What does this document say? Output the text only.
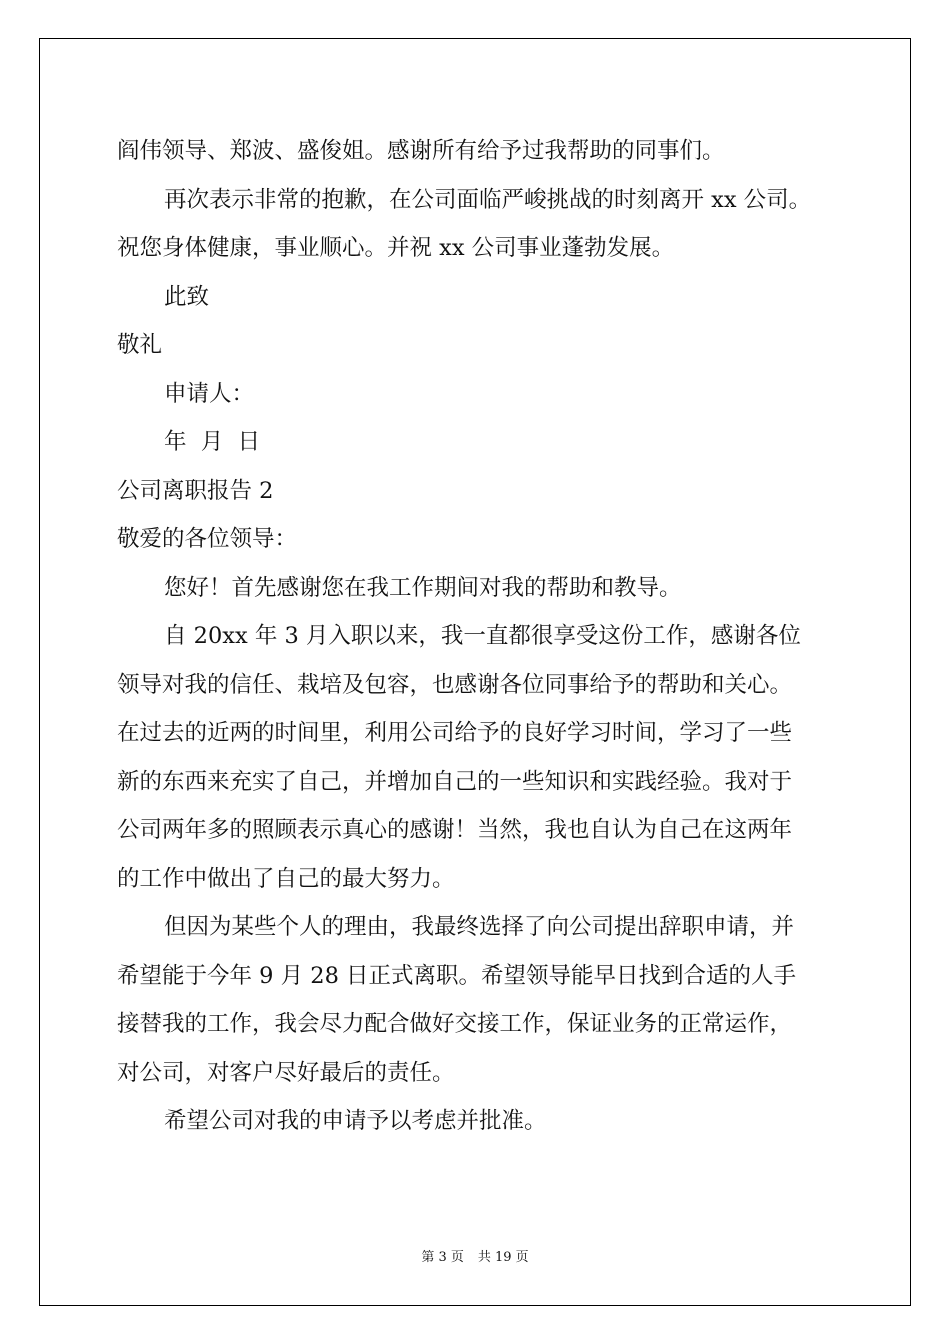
阎伟领导、郑波、盛俊姐。感谢所有给予过我帮助的同事们。

再次表示非常的抱歉，在公司面临严峻挑战的时刻离开 xx 公司。

祝您身体健康，事业顺心。并祝 xx 公司事业蓬勃发展。

此致

敬礼

申请人：

年  月  日

公司离职报告 2

敬爱的各位领导：

您好！首先感谢您在我工作期间对我的帮助和教导。

自 20xx 年 3 月入职以来，我一直都很享受这份工作，感谢各位

领导对我的信任、栽培及包容，也感谢各位同事给予的帮助和关心。

在过去的近两的时间里，利用公司给予的良好学习时间，学习了一些

新的东西来充实了自己，并增加自己的一些知识和实践经验。我对于

公司两年多的照顾表示真心的感谢！当然，我也自认为自己在这两年

的工作中做出了自己的最大努力。

但因为某些个人的理由，我最终选择了向公司提出辞职申请，并

希望能于今年 9 月 28 日正式离职。希望领导能早日找到合适的人手

接替我的工作，我会尽力配合做好交接工作，保证业务的正常运作，

对公司，对客户尽好最后的责任。

希望公司对我的申请予以考虑并批准。

第 3 页 共 19 页
